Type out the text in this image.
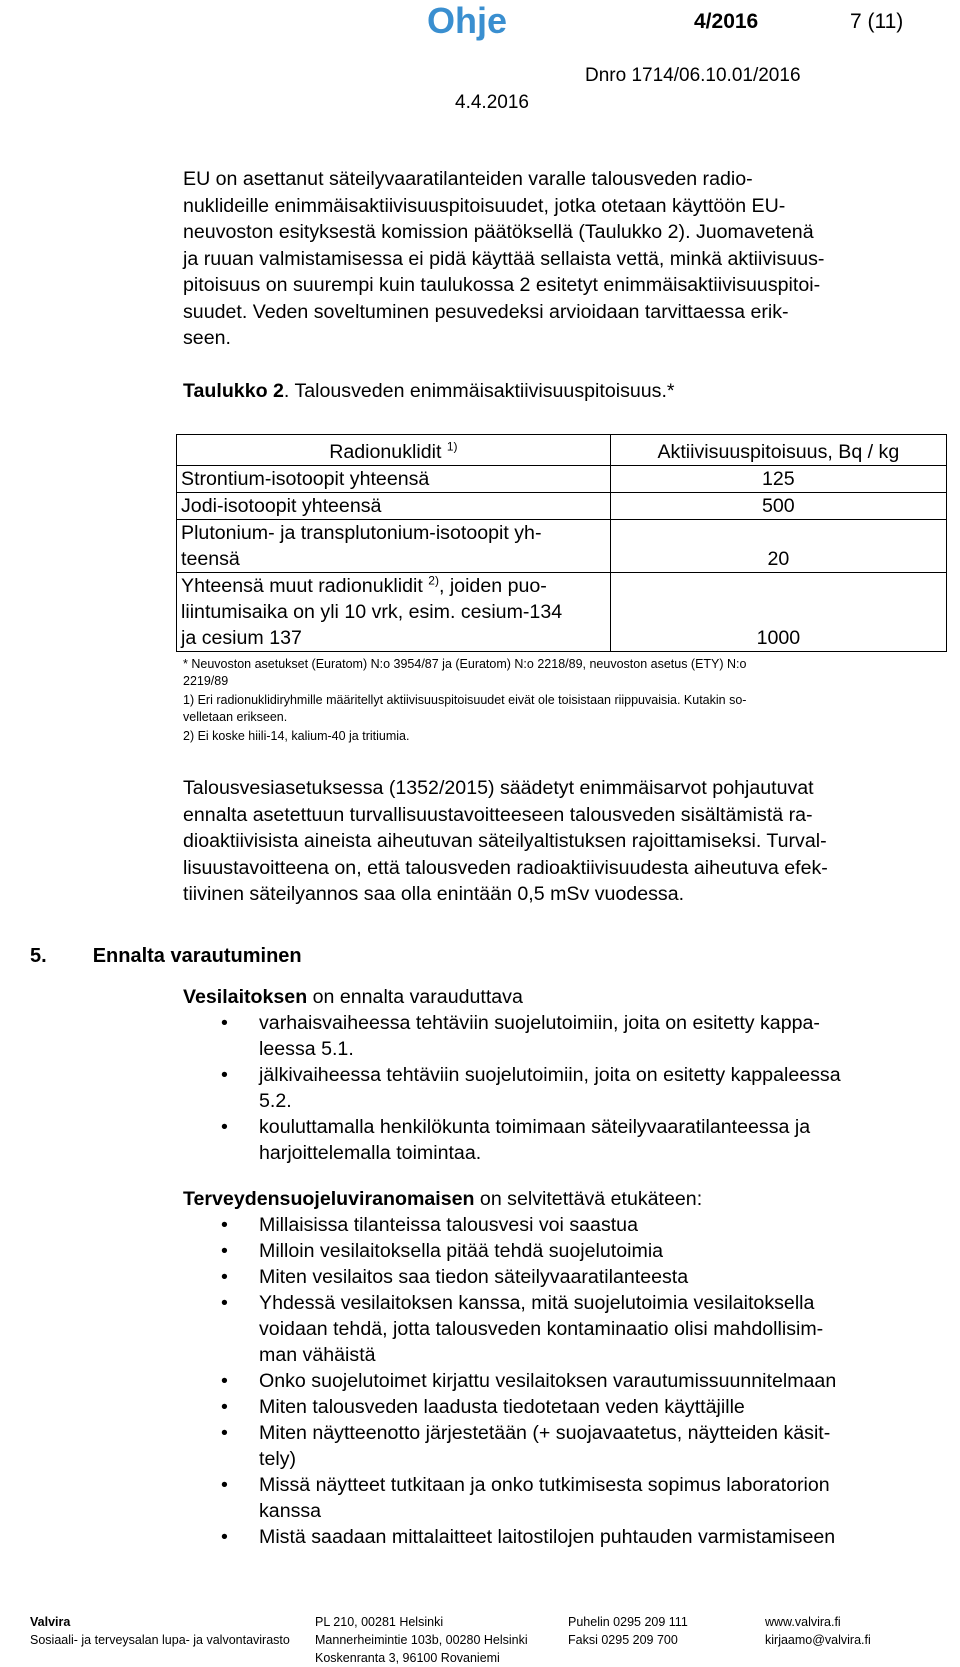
Ohje	4/2016	7 (11)
Dnro 1714/06.10.01/2016
4.4.2016
EU on asettanut säteilyvaaratilanteiden varalle talousveden radio-
nuklideille enimmäisaktiivisuuspitoisuudet, jotka otetaan käyttöön EU-
neuvoston esityksestä komission päätöksellä (Taulukko 2). Juomavetenä
ja ruuan valmistamisessa ei pidä käyttää sellaista vettä, minkä aktiivisuus-
pitoisuus on suurempi kuin taulukossa 2 esitetyt enimmäisaktiivisuuspitoi-
suudet. Veden soveltuminen pesuvedeksi arvioidaan tarvittaessa erik-
seen.
Taulukko 2. Talousveden enimmäisaktiivisuuspitoisuus.*
Radionuklidit $^{1)}$	Aktiivisuuspitoisuus, Bq / kg
Strontium-isotoopit yhteensä	125
Jodi-isotoopit yhteensä	500

Plutonium- ja transplutonium-isotoopit yh-
teensä	20

Yhteensä muut radionuklidit $^{2)}$, joiden puo-
liintumisaika on yli 10 vrk, esim. cesium-134
ja cesium 137	1000

* Neuvoston asetukset (Euratom) N:o 3954/87 ja (Euratom) N:o 2218/89, neuvoston asetus (ETY) N:o
2219/89

1) Eri radionuklidiryhmille määritellyt aktiivisuuspitoisuudet eivät ole toisistaan riippuvaisia. Kutakin so-
velletaan erikseen.

2) Ei koske hiili-14, kalium-40 ja tritiumia.

Talousvesiasetuksessa (1352/2015) säädetyt enimmäisarvot pohjautuvat
ennalta asetettuun turvallisuustavoitteeseen talousveden sisältämistä ra-
dioaktiivisista aineista aiheutuvan säteilyaltistuksen rajoittamiseksi. Turval-
lisuustavoitteena on, että talousveden radioaktiivisuudesta aiheutuva efek-
tiivinen säteilyannos saa olla enintään 0,5 mSv vuodessa.
5. Ennalta varautuminen
Vesilaitoksen on ennalta varauduttava
• varhaisvaiheessa tehtäviin suojelutoimiin, joita on esitetty kappa-
leessa 5.1.
• jälkivaiheessa tehtäviin suojelutoimiin, joita on esitetty kappaleessa
5.2.
• kouluttamalla henkilökunta toimimaan säteilyvaaratilanteessa ja
harjoittelemalla toimintaa.
Terveydensuojeluviranomaisen on selvitettävä etukäteen:
• Millaisissa tilanteissa talousvesi voi saastua
• Milloin vesilaitoksella pitää tehdä suojelutoimia
• Miten vesilaitos saa tiedon säteilyvaaratilanteesta
• Yhdessä vesilaitoksen kanssa, mitä suojelutoimia vesilaitoksella
voidaan tehdä, jotta talousveden kontaminaatio olisi mahdollisim-
man vähäistä
• Onko suojelutoimet kirjattu vesilaitoksen varautumissuunnitelmaan
• Miten talousveden laadusta tiedotetaan veden käyttäjille
• Miten näytteenotto järjestetään (+ suojavaatetus, näytteiden käsit-
tely)
• Missä näytteet tutkitaan ja onko tutkimisesta sopimus laboratorion
kanssa
• Mistä saadaan mittalaitteet laitostilojen puhtauden varmistamiseen
Valvira
Sosiaali- ja terveysalan lupa- ja valvontavirasto
PL 210, 00281 Helsinki
Mannerheimintie 103b, 00280 Helsinki
Koskenranta 3, 96100 Rovaniemi
Puhelin 0295 209 111
Faksi 0295 209 700
www.valvira.fi
kirjaamo@valvira.fi
